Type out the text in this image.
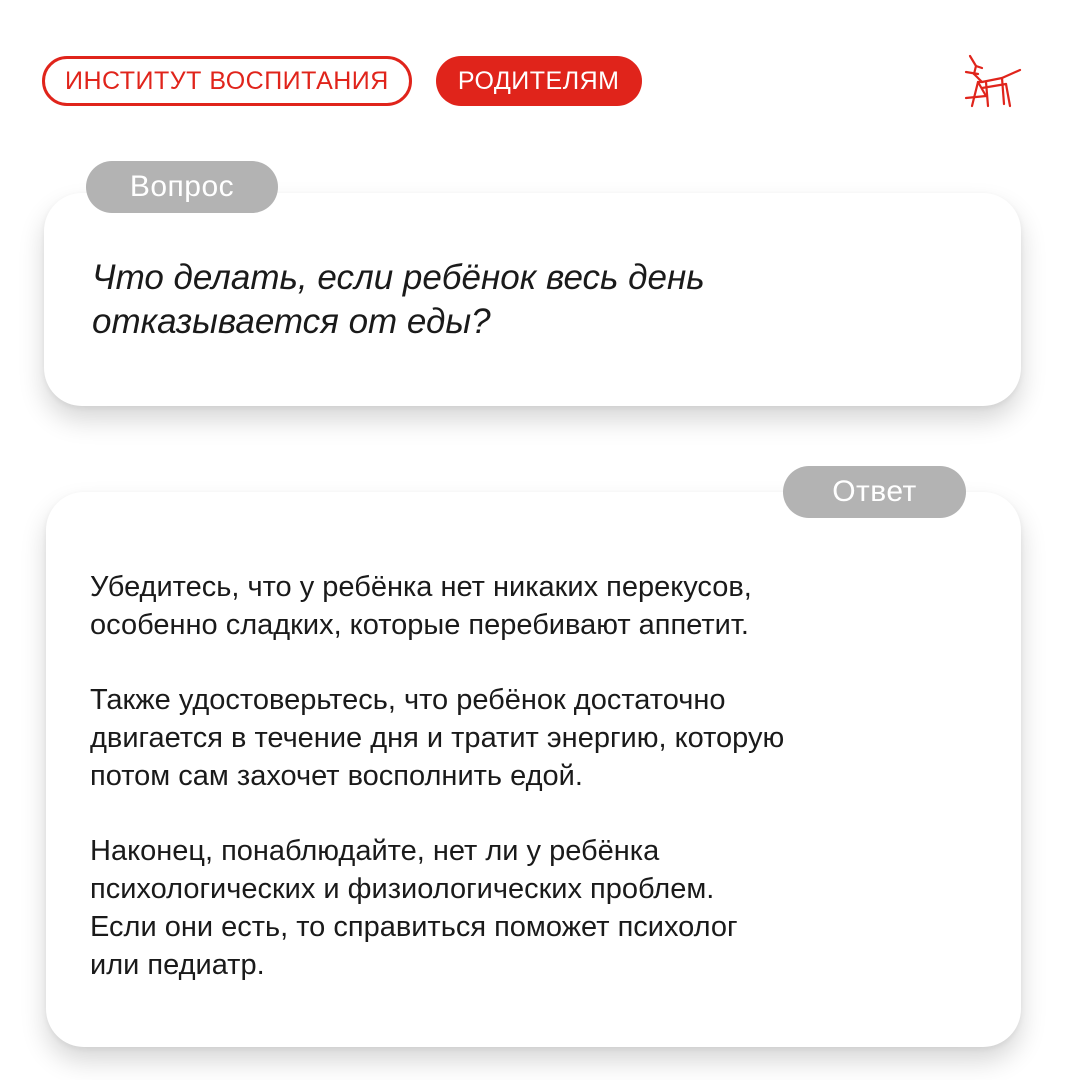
ИНСТИТУТ ВОСПИТАНИЯ	РОДИТЕЛЯМ
Вопрос
Что делать, если ребёнок весь день отказывается от еды?
Ответ

Убедитесь, что у ребёнка нет никаких перекусов,
особенно сладких, которые перебивают аппетит.

Также удостоверьтесь, что ребёнок достаточно
двигается в течение дня и тратит энергию, которую
потом сам захочет восполнить едой.

Наконец, понаблюдайте, нет ли у ребёнка
психологических и физиологических проблем.
Если они есть, то справиться поможет психолог
или педиатр.
